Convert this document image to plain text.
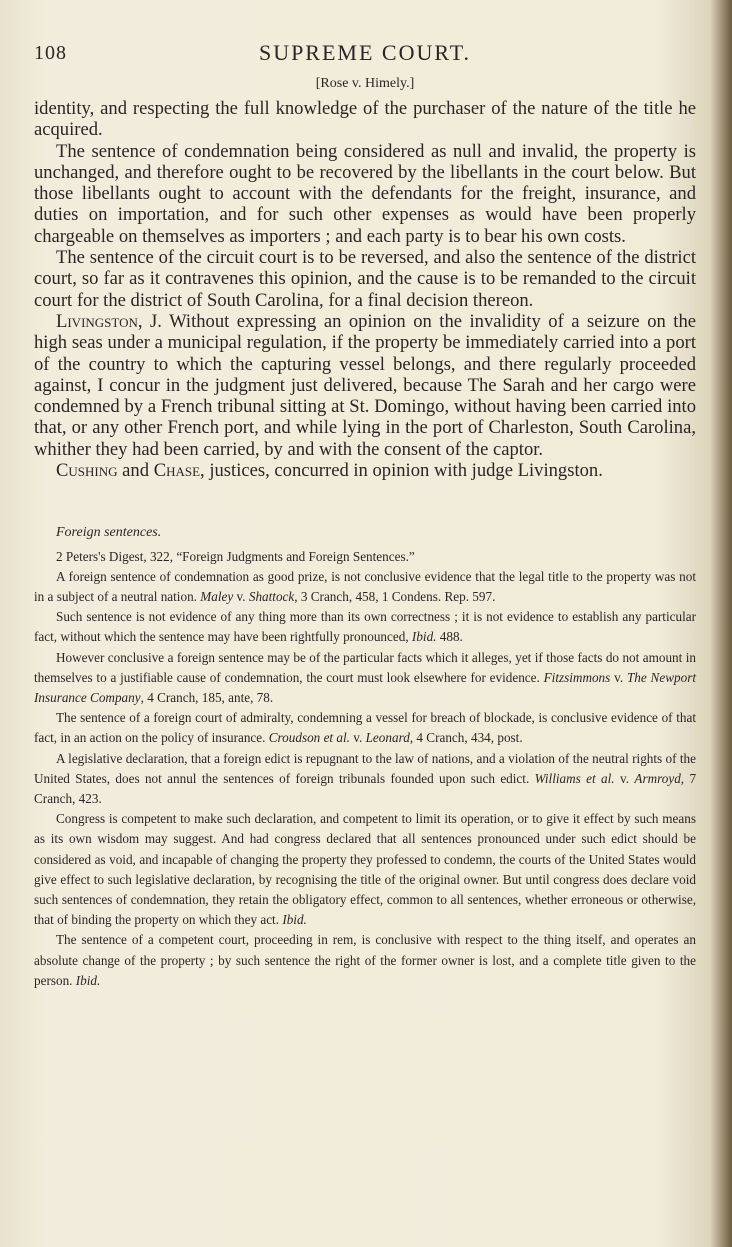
108	SUPREME COURT.
[Rose v. Himely.]

identity, and respecting the full knowledge of the purchaser of the nature of the title he acquired.

The sentence of condemnation being considered as null and invalid, the property is unchanged, and therefore ought to be recovered by the libellants in the court below. But those libellants ought to account with the defendants for the freight, insurance, and duties on importation, and for such other expenses as would have been properly chargeable on themselves as importers ; and each party is to bear his own costs.

The sentence of the circuit court is to be reversed, and also the sentence of the district court, so far as it contravenes this opinion, and the cause is to be remanded to the circuit court for the district of South Carolina, for a final decision thereon.

Livingston, J. Without expressing an opinion on the invalidity of a seizure on the high seas under a municipal regulation, if the property be immediately carried into a port of the country to which the capturing vessel belongs, and there regularly proceeded against, I concur in the judgment just delivered, because The Sarah and her cargo were condemned by a French tribunal sitting at St. Domingo, without having been carried into that, or any other French port, and while lying in the port of Charleston, South Carolina, whither they had been carried, by and with the consent of the captor.

Cushing and Chase, justices, concurred in opinion with judge Livingston.

Foreign sentences.

2 Peters's Digest, 322, “Foreign Judgments and Foreign Sentences.”

A foreign sentence of condemnation as good prize, is not conclusive evidence that the legal title to the property was not in a subject of a neutral nation. Maley v. Shattock, 3 Cranch, 458, 1 Condens. Rep. 597.

Such sentence is not evidence of any thing more than its own correctness ; it is not evidence to establish any particular fact, without which the sentence may have been rightfully pronounced, Ibid. 488.

However conclusive a foreign sentence may be of the particular facts which it alleges, yet if those facts do not amount in themselves to a justifiable cause of condemnation, the court must look elsewhere for evidence. Fitzsimmons v. The Newport Insurance Company, 4 Cranch, 185, ante, 78.

The sentence of a foreign court of admiralty, condemning a vessel for breach of blockade, is conclusive evidence of that fact, in an action on the policy of insurance. Croudson et al. v. Leonard, 4 Cranch, 434, post.

A legislative declaration, that a foreign edict is repugnant to the law of nations, and a violation of the neutral rights of the United States, does not annul the sentences of foreign tribunals founded upon such edict. Williams et al. v. Armroyd, 7 Cranch, 423.

Congress is competent to make such declaration, and competent to limit its operation, or to give it effect by such means as its own wisdom may suggest. And had congress declared that all sentences pronounced under such edict should be considered as void, and incapable of changing the property they professed to condemn, the courts of the United States would give effect to such legislative declaration, by recognising the title of the original owner. But until congress does declare void such sentences of condemnation, they retain the obligatory effect, common to all sentences, whether erroneous or otherwise, that of binding the property on which they act. Ibid.

The sentence of a competent court, proceeding in rem, is conclusive with respect to the thing itself, and operates an absolute change of the property ; by such sentence the right of the former owner is lost, and a complete title given to the person. Ibid.
